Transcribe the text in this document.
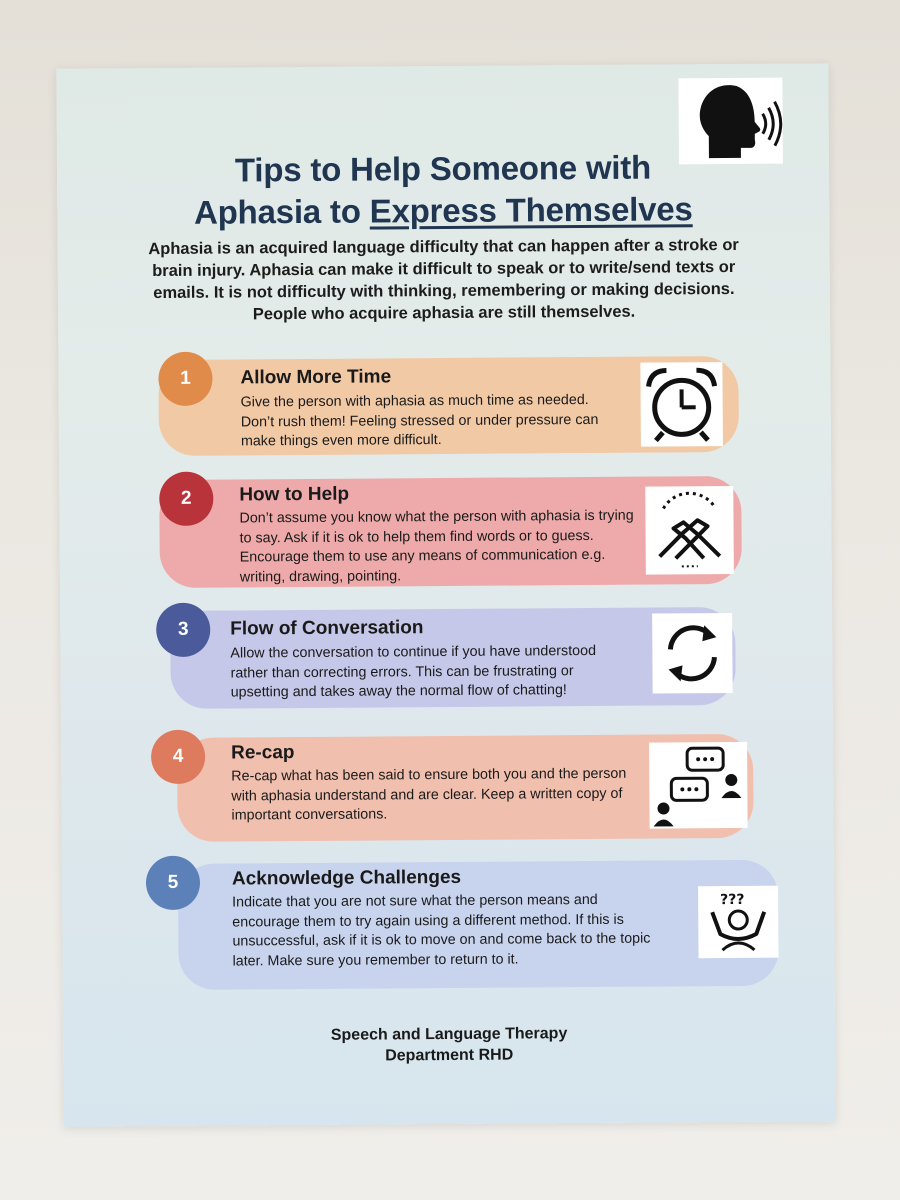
Tips to Help Someone with
Aphasia to Express Themselves
Aphasia is an acquired language difficulty that can happen after a stroke or brain injury. Aphasia can make it difficult to speak or to write/send texts or emails. It is not difficulty with thinking, remembering or making decisions.
People who acquire aphasia are still themselves.
1	Allow More Time
Give the person with aphasia as much time as needed. Don’t rush them! Feeling stressed or under pressure can make things even more difficult.
2	How to Help
Don’t assume you know what the person with aphasia is trying to say. Ask if it is ok to help them find words or to guess. Encourage them to use any means of communication e.g. writing, drawing, pointing.
3	Flow of Conversation
Allow the conversation to continue if you have understood rather than correcting errors. This can be frustrating or upsetting and takes away the normal flow of chatting!
4	Re-cap
Re-cap what has been said to ensure both you and the person with aphasia understand and are clear. Keep a written copy of important conversations.
5	Acknowledge Challenges
Indicate that you are not sure what the person means and encourage them to try again using a different method. If this is unsuccessful, ask if it is ok to move on and come back to the topic later. Make sure you remember to return to it.
???
Speech and Language Therapy
Department RHD
